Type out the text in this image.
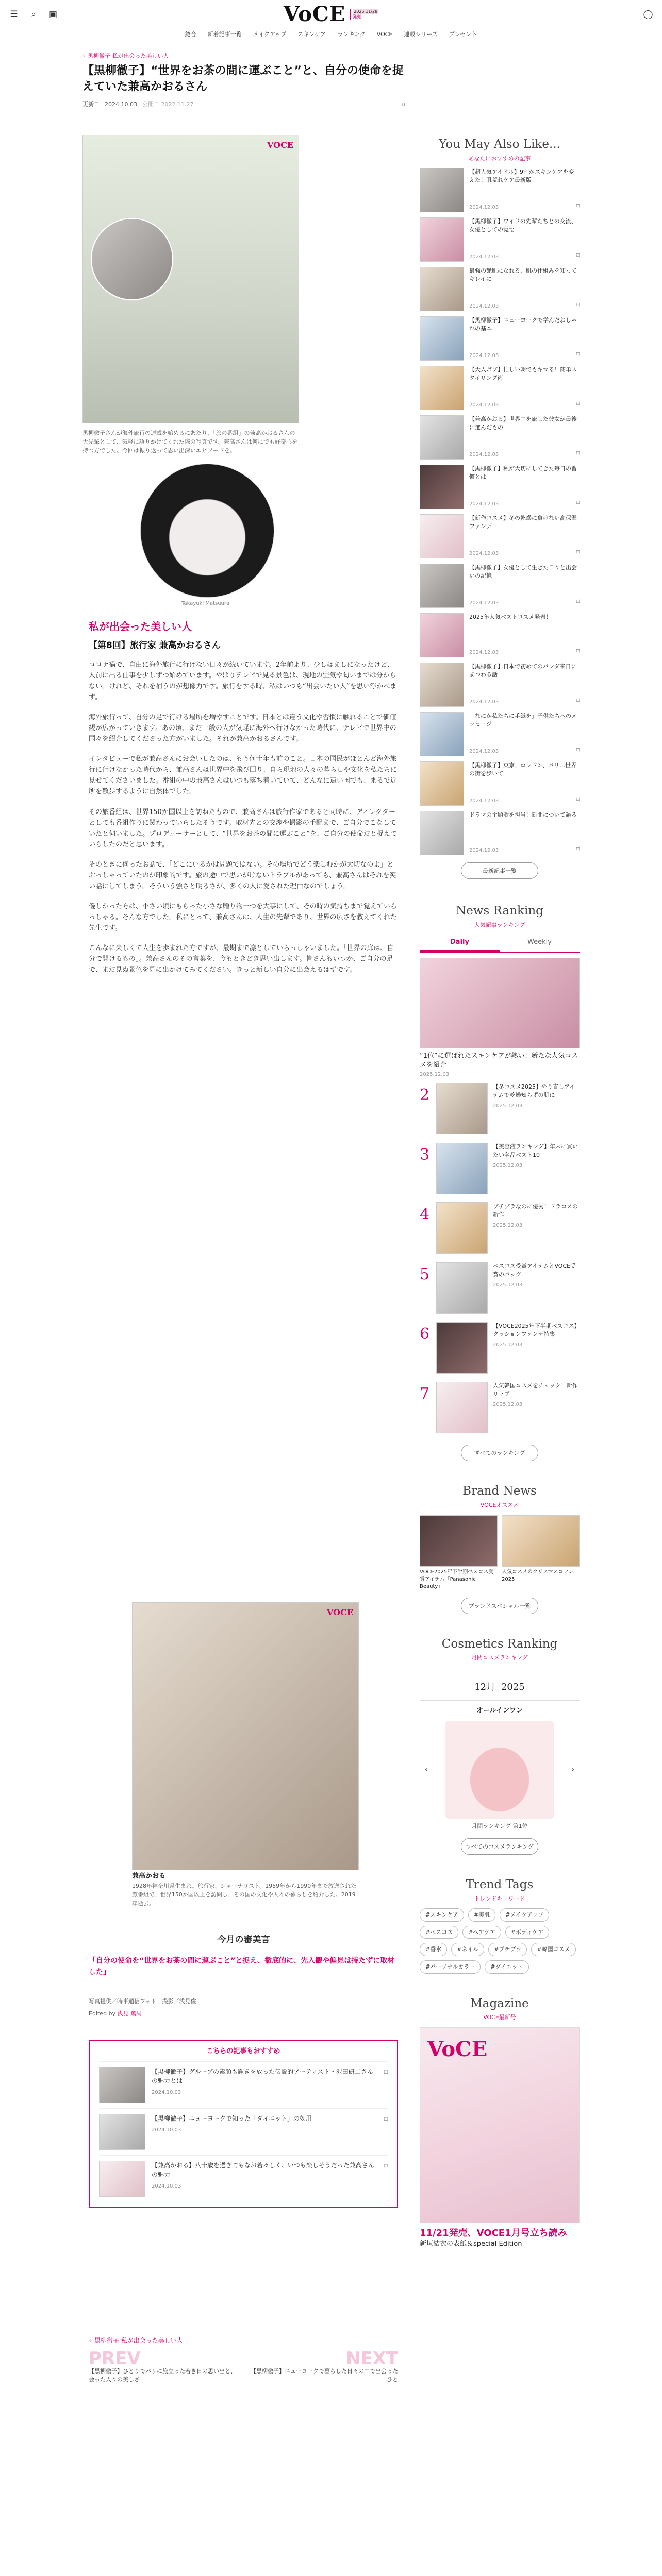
☰	⌕	▣	VoCE 2025 11/28
発売	◯
総合 新着記事一覧 メイクアップ スキンケア ランキング VOCE 連載シリーズ プレゼント
◦ 黒柳徹子 私が出会った美しい人
【黒柳徹子】“世界をお茶の間に運ぶこと”と、自分の使命を捉えていた兼高かおるさん
更新日 2024.10.03 公開日 2022.11.27	⌑
VOCE

黒柳徹子さんが海外旅行の連載を始めるにあたり、「旅の番組」の兼高かおるさんの大先輩として、気軽に語りかけてくれた際の写真です。兼高さんは何にでも好奇心を持つ方でした。今回は振り返って思い出深いエピソードを。

Takayuki Matsuura
私が出会った美しい人
【第8回】旅行家 兼高かおるさん

コロナ禍で、自由に海外旅行に行けない日々が続いています。2年前より、少しはましになったけど、人前に出る仕事を少しずつ始めています。やはりテレビで見る景色は、現地の空気や匂いまでは分からない。けれど、それを補うのが想像力です。旅行をする時、私はいつも“出会いたい人”を思い浮かべます。

海外旅行って、自分の足で行ける場所を増やすことです。日本とは違う文化や習慣に触れることで価値観が広がっていきます。あの頃、まだ一般の人が気軽に海外へ行けなかった時代に、テレビで世界中の国々を紹介してくださった方がいました。それが兼高かおるさんです。

インタビューで私が兼高さんにお会いしたのは、もう何十年も前のこと。日本の国民がほとんど海外旅行に行けなかった時代から、兼高さんは世界中を飛び回り、自ら現地の人々の暮らしや文化を私たちに見せてくださいました。番組の中の兼高さんはいつも落ち着いていて、どんなに遠い国でも、まるで近所を散歩するように自然体でした。

その旅番組は、世界150か国以上を訪ねたもので、兼高さんは旅行作家であると同時に、ディレクターとしても番組作りに関わっていらしたそうです。取材先との交渉や撮影の手配まで、ご自分でこなしていたと伺いました。プロデューサーとして、“世界をお茶の間に運ぶこと”を、ご自分の使命だと捉えていらしたのだと思います。

そのときに伺ったお話で、「どこにいるかは問題ではない。その場所でどう楽しむかが大切なのよ」とおっしゃっていたのが印象的です。旅の途中で思いがけないトラブルがあっても、兼高さんはそれを笑い話にしてしまう。そういう強さと明るさが、多くの人に愛された理由なのでしょう。

優しかった方は、小さい頃にもらった小さな贈り物一つを大事にして、その時の気持ちまで覚えていらっしゃる。そんな方でした。私にとって、兼高さんは、人生の先輩であり、世界の広さを教えてくれた先生です。

こんなに楽しくて人生を歩まれた方ですが、最期まで凛としていらっしゃいました。「世界の扉は、自分で開けるもの」。兼高さんのその言葉を、今もときどき思い出します。皆さんもいつか、ご自分の足で、まだ見ぬ景色を見に出かけてみてください。きっと新しい自分に出会えるはずです。

VOCE
兼高かおる
1928年神奈川県生まれ。旅行家、ジャーナリスト。1959年から1990年まで放送された旅番組で、世界150か国以上を訪問し、その国の文化や人々の暮らしを紹介した。2019年逝去。
今月の審美言

「自分の使命を“世界をお茶の間に運ぶこと”と捉え、徹底的に、先入観や偏見は持たずに取材した」

写真提供／時事通信フォト　撮影／浅見俊一

Edited by 浅見 篤周

こちらの記事もおすすめ
【黒柳徹子】グループの素顔も輝きを放った伝説的アーティスト・沢田研二さんの魅力とは
2024.10.03
⌑
【黒柳徹子】ニューヨークで知った「ダイエット」の効用
2024.10.03
⌑
【兼高かおる】八十歳を過ぎてもなお若々しく、いつも楽しそうだった兼高さんの魅力
2024.10.03
⌑
◦ 黒柳徹子 私が出会った美しい人
PREV
【黒柳徹子】ひとりでパリに旅立った若き日の思い出と、会った人々の美しさ
NEXT
【黒柳徹子】ニューヨークで暮らした日々の中で出会ったひと
You May Also Like...
あなたにおすすめの記事
【超人気アイドル】9割がスキンケアを変えた！肌荒れケア最新版
2024.12.03	⌑
【黒柳徹子】ワイドの先輩たちとの交流、女優としての覚悟
2024.12.03	⌑
最強の艶肌になれる、肌の仕組みを知ってキレイに
2024.12.03	⌑
【黒柳徹子】ニューヨークで学んだおしゃれの基本
2024.12.03	⌑
【大人ボブ】忙しい朝でもキマる！簡単スタイリング術
2024.12.03	⌑
【兼高かおる】世界中を旅した彼女が最後に選んだもの
2024.12.03	⌑
【黒柳徹子】私が大切にしてきた毎日の習慣とは
2024.12.03	⌑
【新作コスメ】冬の乾燥に負けない高保湿ファンデ
2024.12.03	⌑
【黒柳徹子】女優として生きた日々と出会いの記憶
2024.12.03	⌑
2025年人気ベストコスメ発表！
2024.12.03	⌑
【黒柳徹子】日本で初めてのパンダ来日にまつわる話
2024.12.03	⌑
「なにか私たちに手紙を」子供たちへのメッセージ
2024.12.03	⌑
【黒柳徹子】東京、ロンドン、パリ…世界の街を歩いて
2024.12.03	⌑
ドラマの主題歌を担当！新曲について語る
2024.12.03	⌑
最新記事一覧
News Ranking
人気記事ランキング
Daily	Weekly
“1位”に選ばれたスキンケアが熱い！新たな人気コスメを紹介
2025.12.03
2	【冬コスメ2025】やり直しアイテムで乾燥知らずの肌に
2025.12.03
3	【美容液ランキング】年末に買いたい名品ベスト10
2025.12.03
4	プチプラなのに優秀！ドラコスの新作
2025.12.03
5	ベスコス受賞アイテムとVOCE受賞のバッグ
2025.12.03
6	【VOCE2025年下半期ベスコス】クッションファンデ特集
2025.12.03
7	人気韓国コスメをチェック！新作リップ
2025.12.03
すべてのランキング
Brand News
VOCEオススメ
VOCE2025年下半期ベスコス受賞アイテム「Panasonic Beauty」
人気コスメのクリスマスコフレ2025
ブランドスペシャル一覧
Cosmetics Ranking
月間コスメランキング
12月 2025
オールインワン
‹	›
月間ランキング 第1位
すべてのコスメランキング
Trend Tags
トレンドキーワード
#スキンケア	#美肌	#メイクアップ
#ベスコス	#ヘアケア	#ボディケア
#香水	#ネイル	#プチプラ	#韓国コスメ
#パーソナルカラー	#ダイエット
Magazine
VOCE最新号
VoCE
11/21発売、VOCE1月号立ち読み
新垣結衣の表紙＆special Edition
